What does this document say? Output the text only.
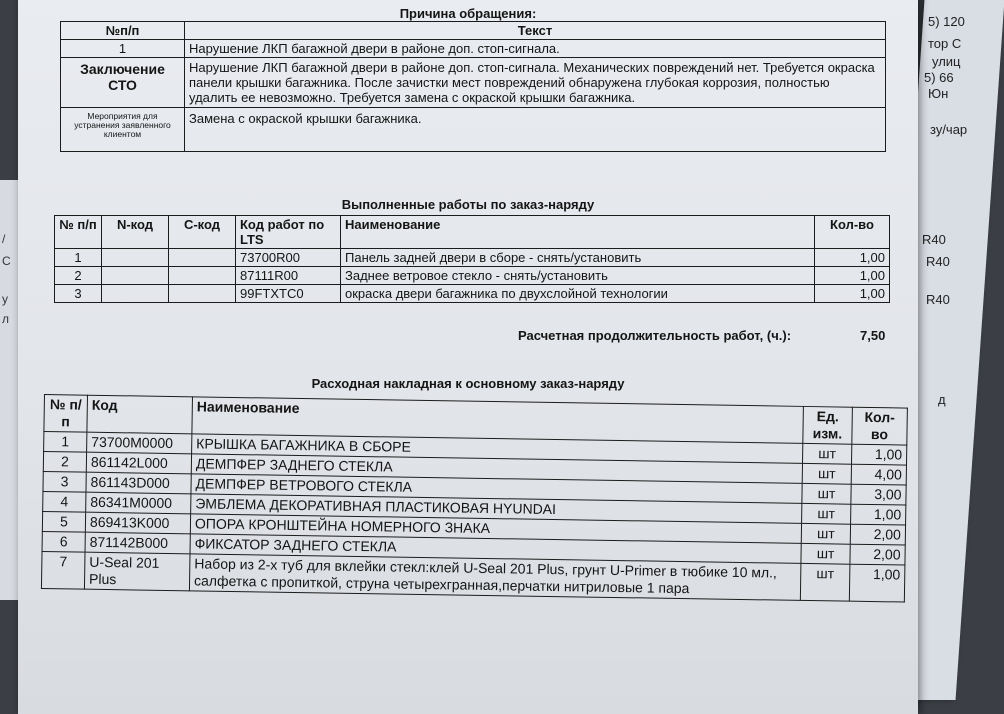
5) 120
тор С
улиц
5) 66
Юн
зу/чар
R40
R40
R40
д
/
С
у
л
Причина обращения:
№п/п	Текст
1	Нарушение ЛКП багажной двери в районе доп. стоп-сигнала.
Заключение СТО	Нарушение ЛКП багажной двери в районе доп. стоп-сигнала. Механических повреждений нет. Требуется окраска панели крышки багажника. После зачистки мест повреждений обнаружена глубокая коррозия, полностью удалить ее невозможно. Требуется замена с окраской крышки багажника.
Мероприятия для устранения заявленного клиентом	Замена с окраской крышки багажника.
Выполненные работы по заказ-наряду
№ п/п	N-код	С-код	Код работ по LTS	Наименование	Кол-во
1			73700R00	Панель задней двери в сборе - снять/установить	1,00
2			87111R00	Заднее ветровое стекло - снять/установить	1,00
3			99FTXTC0	окраска двери багажника по двухслойной технологии	1,00
Расчетная продолжительность работ, (ч.):	7,50
Расходная накладная к основному заказ-наряду
№ п/п	Код	Наименование	Ед. изм.	Кол-во
1	73700M0000	КРЫШКА БАГАЖНИКА В СБОРЕ	шт	1,00
2	861142L000	ДЕМПФЕР ЗАДНЕГО СТЕКЛА	шт	4,00
3	861143D000	ДЕМПФЕР ВЕТРОВОГО СТЕКЛА	шт	3,00
4	86341M0000	ЭМБЛЕМА ДЕКОРАТИВНАЯ ПЛАСТИКОВАЯ HYUNDAI	шт	1,00
5	869413K000	ОПОРА КРОНШТЕЙНА НОМЕРНОГО ЗНАКА	шт	2,00
6	871142B000	ФИКСАТОР ЗАДНЕГО СТЕКЛА	шт	2,00
7	U-Seal 201 Plus	Набор из 2-х туб для вклейки стекл:клей U-Seal 201 Plus, грунт U-Primer в тюбике 10 мл., салфетка с пропиткой, струна четырехгранная,перчатки нитриловые 1 пара	шт	1,00
